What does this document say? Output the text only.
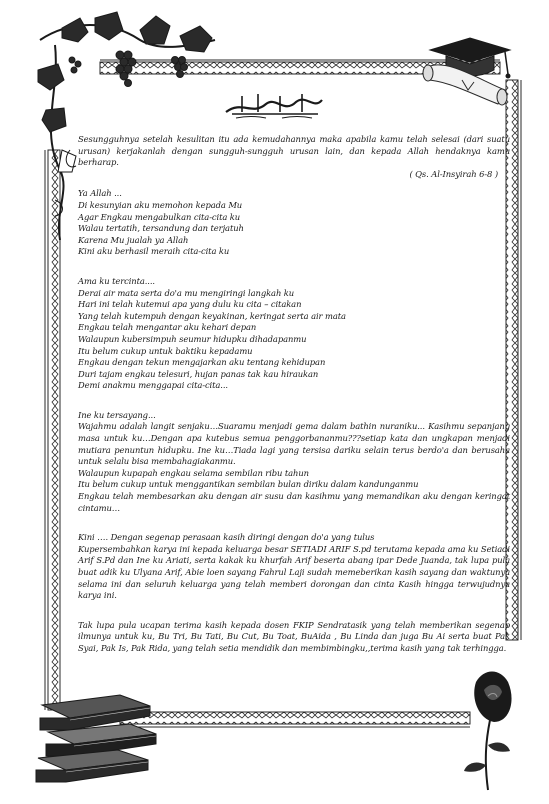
Sesungguhnya setelah kesulitan itu ada kemudahannya maka apabila kamu telah selesai (dari suatu urusan) kerjakanlah dengan sungguh-sungguh urusan lain, dan kepada Allah hendaknya kamu berharap.

( Qs. Al-Insyirah 6-8 )

Ya Allah ...

Di kesunyian aku memohon kepada Mu

Agar Engkau mengabulkan cita-cita ku

Walau tertatih, tersandung dan terjatuh

Karena Mu jualah ya Allah

Kini aku berhasil meraih cita-cita ku

Ama ku tercinta....

Derai air mata serta do'a mu mengiringi langkah ku

Hari ini telah kutemui apa yang dulu ku cita – citakan

Yang telah kutempuh dengan keyakinan, keringat serta air mata

Engkau telah mengantar aku kehari depan

Walaupun kubersimpuh seumur hidupku dihadapanmu

Itu belum cukup untuk baktiku kepadamu

Engkau dengan tekun mengajarkan aku tentang kehidupan

Duri tajam engkau telesuri, hujan panas tak kau hiraukan

Demi anakmu menggapai cita-cita...

Ine ku tersayang...

Wajahmu adalah langit senjaku…Suaramu menjadi gema dalam bathin nuraniku... Kasihmu sepanjang masa untuk ku…Dengan apa kutebus semua penggorbananmu???setiap kata dan ungkapan menjadi mutiara penuntun hidupku. Ine ku…Tiada lagi yang tersisa dariku selain terus berdo'a dan berusaha untuk selalu bisa membahagiakanmu.

Walaupun kupapah engkau selama sembilan ribu tahun

Itu belum cukup untuk menggantikan sembilan bulan diriku dalam kandunganmu

Engkau telah membesarkan aku dengan air susu dan kasihmu yang memandikan aku dengan keringat cintamu…

Kini …. Dengan segenap perasaan kasih diringi dengan do'a yang tulus

Kupersembahkan karya ini kepada keluarga besar SETIADI ARIF S.pd terutama kepada ama ku Setiadi Arif S.Pd dan Ine ku Ariati, serta kakak ku khurfah Arif beserta abang ipar Dede Juanda, tak lupa pula buat adik ku Ulyana Arif, Abie loen sayang Fahrul Laji sudah memeberikan kasih sayang dan waktunya selama ini dan seluruh keluarga yang telah memberi dorongan dan cinta Kasih hingga terwujudnya karya ini.

Tak lupa pula ucapan terima kasih kepada dosen FKIP Sendratasik yang telah memberikan segenap ilmunya untuk ku, Bu Tri, Bu Tati, Bu Cut, Bu Toat, BuAida , Bu Linda dan juga Bu Ai serta buat Pak Syai, Pak Is, Pak Rida, yang telah setia mendidik dan membimbingku,,terima kasih yang tak terhingga.
